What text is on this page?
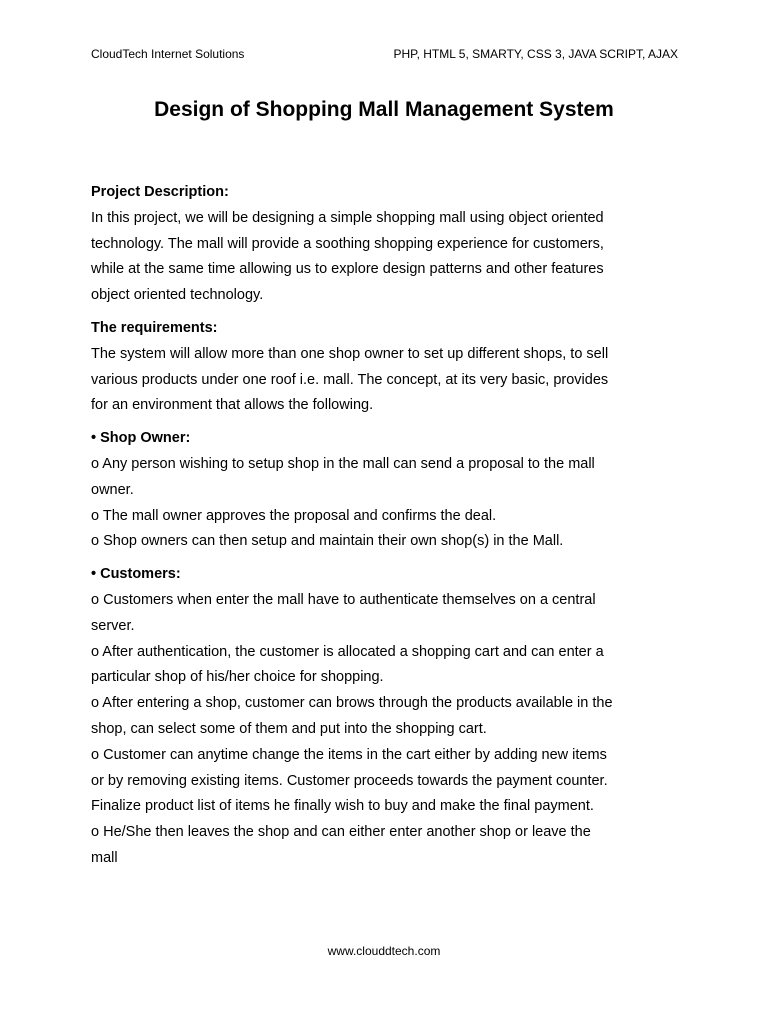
CloudTech Internet Solutions	PHP, HTML 5, SMARTY, CSS 3, JAVA SCRIPT, AJAX
Design of Shopping Mall Management System
Project Description:
In this project, we will be designing a simple shopping mall using object oriented
technology. The mall will provide a soothing shopping experience for customers,
while at the same time allowing us to explore design patterns and other features
object oriented technology.
The requirements:
The system will allow more than one shop owner to set up different shops, to sell
various products under one roof i.e. mall. The concept, at its very basic, provides
for an environment that allows the following.
• Shop Owner:
o Any person wishing to setup shop in the mall can send a proposal to the mall
owner.
o The mall owner approves the proposal and confirms the deal.
o Shop owners can then setup and maintain their own shop(s) in the Mall.
• Customers:
o Customers when enter the mall have to authenticate themselves on a central
server.
o After authentication, the customer is allocated a shopping cart and can enter a
particular shop of his/her choice for shopping.
o After entering a shop, customer can brows through the products available in the
shop, can select some of them and put into the shopping cart.
o Customer can anytime change the items in the cart either by adding new items
or by removing existing items. Customer proceeds towards the payment counter.
Finalize product list of items he finally wish to buy and make the final payment.
o He/She then leaves the shop and can either enter another shop or leave the
mall
www.clouddtech.com
